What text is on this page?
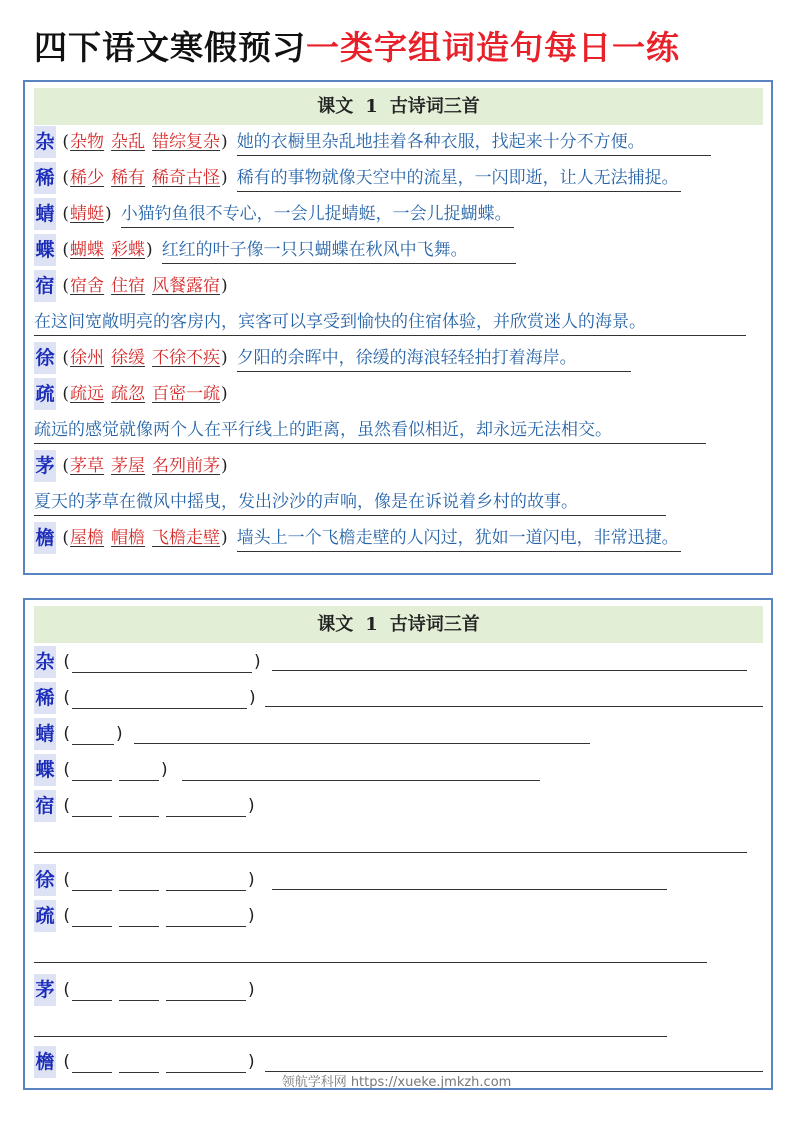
四下语文寒假预习一类字组词造句每日一练
课文 1 古诗词三首
杂 (杂物 杂乱 错综复杂) 她的衣橱里杂乱地挂着各种衣服，找起来十分不方便。
稀 (稀少 稀有 稀奇古怪) 稀有的事物就像天空中的流星，一闪即逝，让人无法捕捉。
蜻 (蜻蜓) 小猫钓鱼很不专心，一会儿捉蜻蜓，一会儿捉蝴蝶。
蝶 (蝴蝶 彩蝶) 红红的叶子像一只只蝴蝶在秋风中飞舞。
宿 (宿舍 住宿 风餐露宿)
在这间宽敞明亮的客房内，宾客可以享受到愉快的住宿体验，并欣赏迷人的海景。
徐 (徐州 徐缓 不徐不疾) 夕阳的余晖中，徐缓的海浪轻轻拍打着海岸。
疏 (疏远 疏忽 百密一疏)
疏远的感觉就像两个人在平行线上的距离，虽然看似相近，却永远无法相交。
茅 (茅草 茅屋 名列前茅)
夏天的茅草在微风中摇曳，发出沙沙的声响，像是在诉说着乡村的故事。
檐 (屋檐 帽檐 飞檐走壁) 墙头上一个飞檐走壁的人闪过，犹如一道闪电，非常迅捷。
课文 1 古诗词三首
杂 (	)
稀 (	)
蜻 (	)
蝶 (	)
宿 (	)
徐 (	)
疏 (	)
茅 (	)
檐 (	)
领航学科网 https://xueke.jmkzh.com
